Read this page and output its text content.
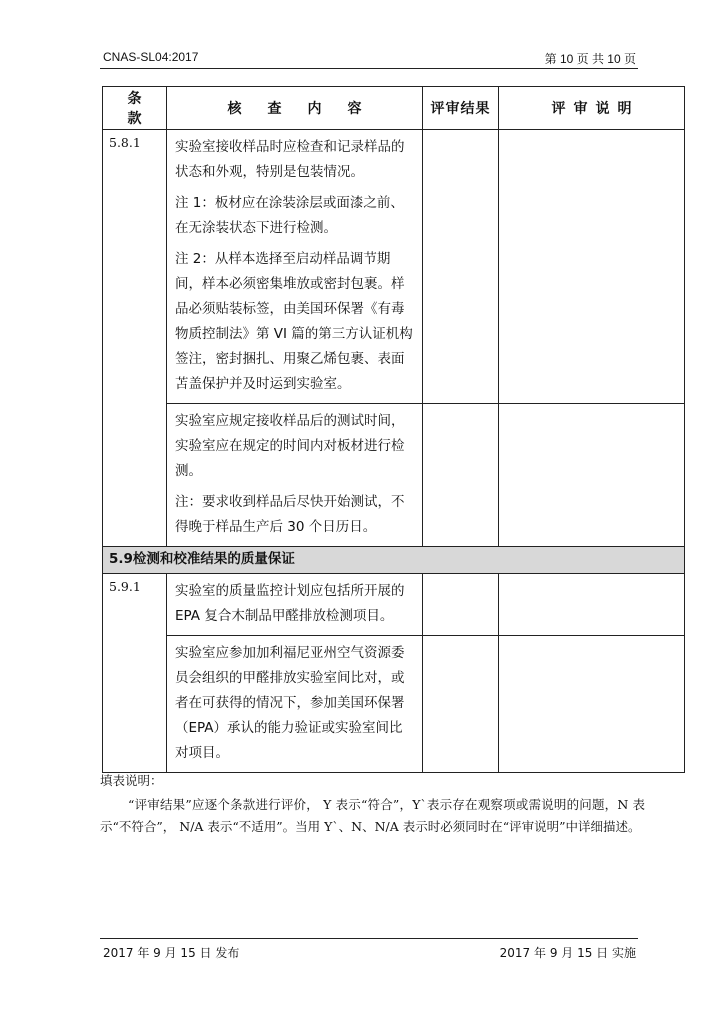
CNAS-SL04:2017	第 10 页 共 10 页
条款	核查内容	评审结果	评审说明
5.8.1	实验室接收样品时应检查和记录样品的状态和外观，特别是包装情况。

注 1：板材应在涂装涂层或面漆之前、在无涂装状态下进行检测。

注 2：从样本选择至启动样品调节期间，样本必须密集堆放或密封包裹。样品必须贴装标签，由美国环保署《有毒物质控制法》第 VI 篇的第三方认证机构签注，密封捆扎、用聚乙烯包裹、表面苫盖保护并及时运到实验室。		

	实验室应规定接收样品后的测试时间，实验室应在规定的时间内对板材进行检测。

注：要求收到样品后尽快开始测试，不得晚于样品生产后 30 个日历日。		

5.9检测和校准结果的质量保证			
5.9.1	实验室的质量监控计划应包括所开展的 EPA 复合木制品甲醛排放检测项目。		

	实验室应参加加利福尼亚州空气资源委员会组织的甲醛排放实验室间比对，或者在可获得的情况下，参加美国环保署（EPA）承认的能力验证或实验室间比对项目。		

填表说明：

“评审结果”应逐个条款进行评价， Y 表示“符合”，Y`表示存在观察项或需说明的问题，N 表示“不符合”， N/A 表示“不适用”。当用 Y`、N、N/A 表示时必须同时在“评审说明”中详细描述。

2017 年 9 月 15 日 发布	2017 年 9 月 15 日 实施
